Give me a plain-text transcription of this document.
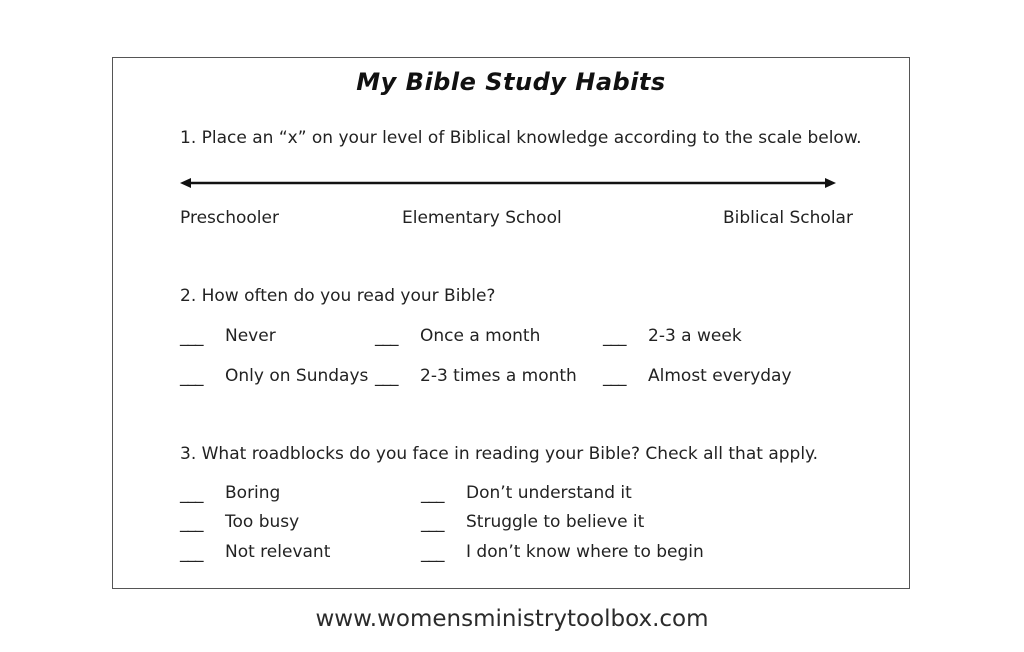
My Bible Study Habits
1. Place an “x” on your level of Biblical knowledge according to the scale below.
Preschooler	Elementary School	Biblical Scholar
2. How often do you read your Bible?
___ Never	___ Once a month	___ 2-3 a week
___ Only on Sundays ___ 2-3 times a month ___ Almost everyday
3. What roadblocks do you face in reading your Bible? Check all that apply.
___ Boring	___ Don’t understand it
___ Too busy	___ Struggle to believe it
___ Not relevant	___ I don’t know where to begin
www.womensministrytoolbox.com
